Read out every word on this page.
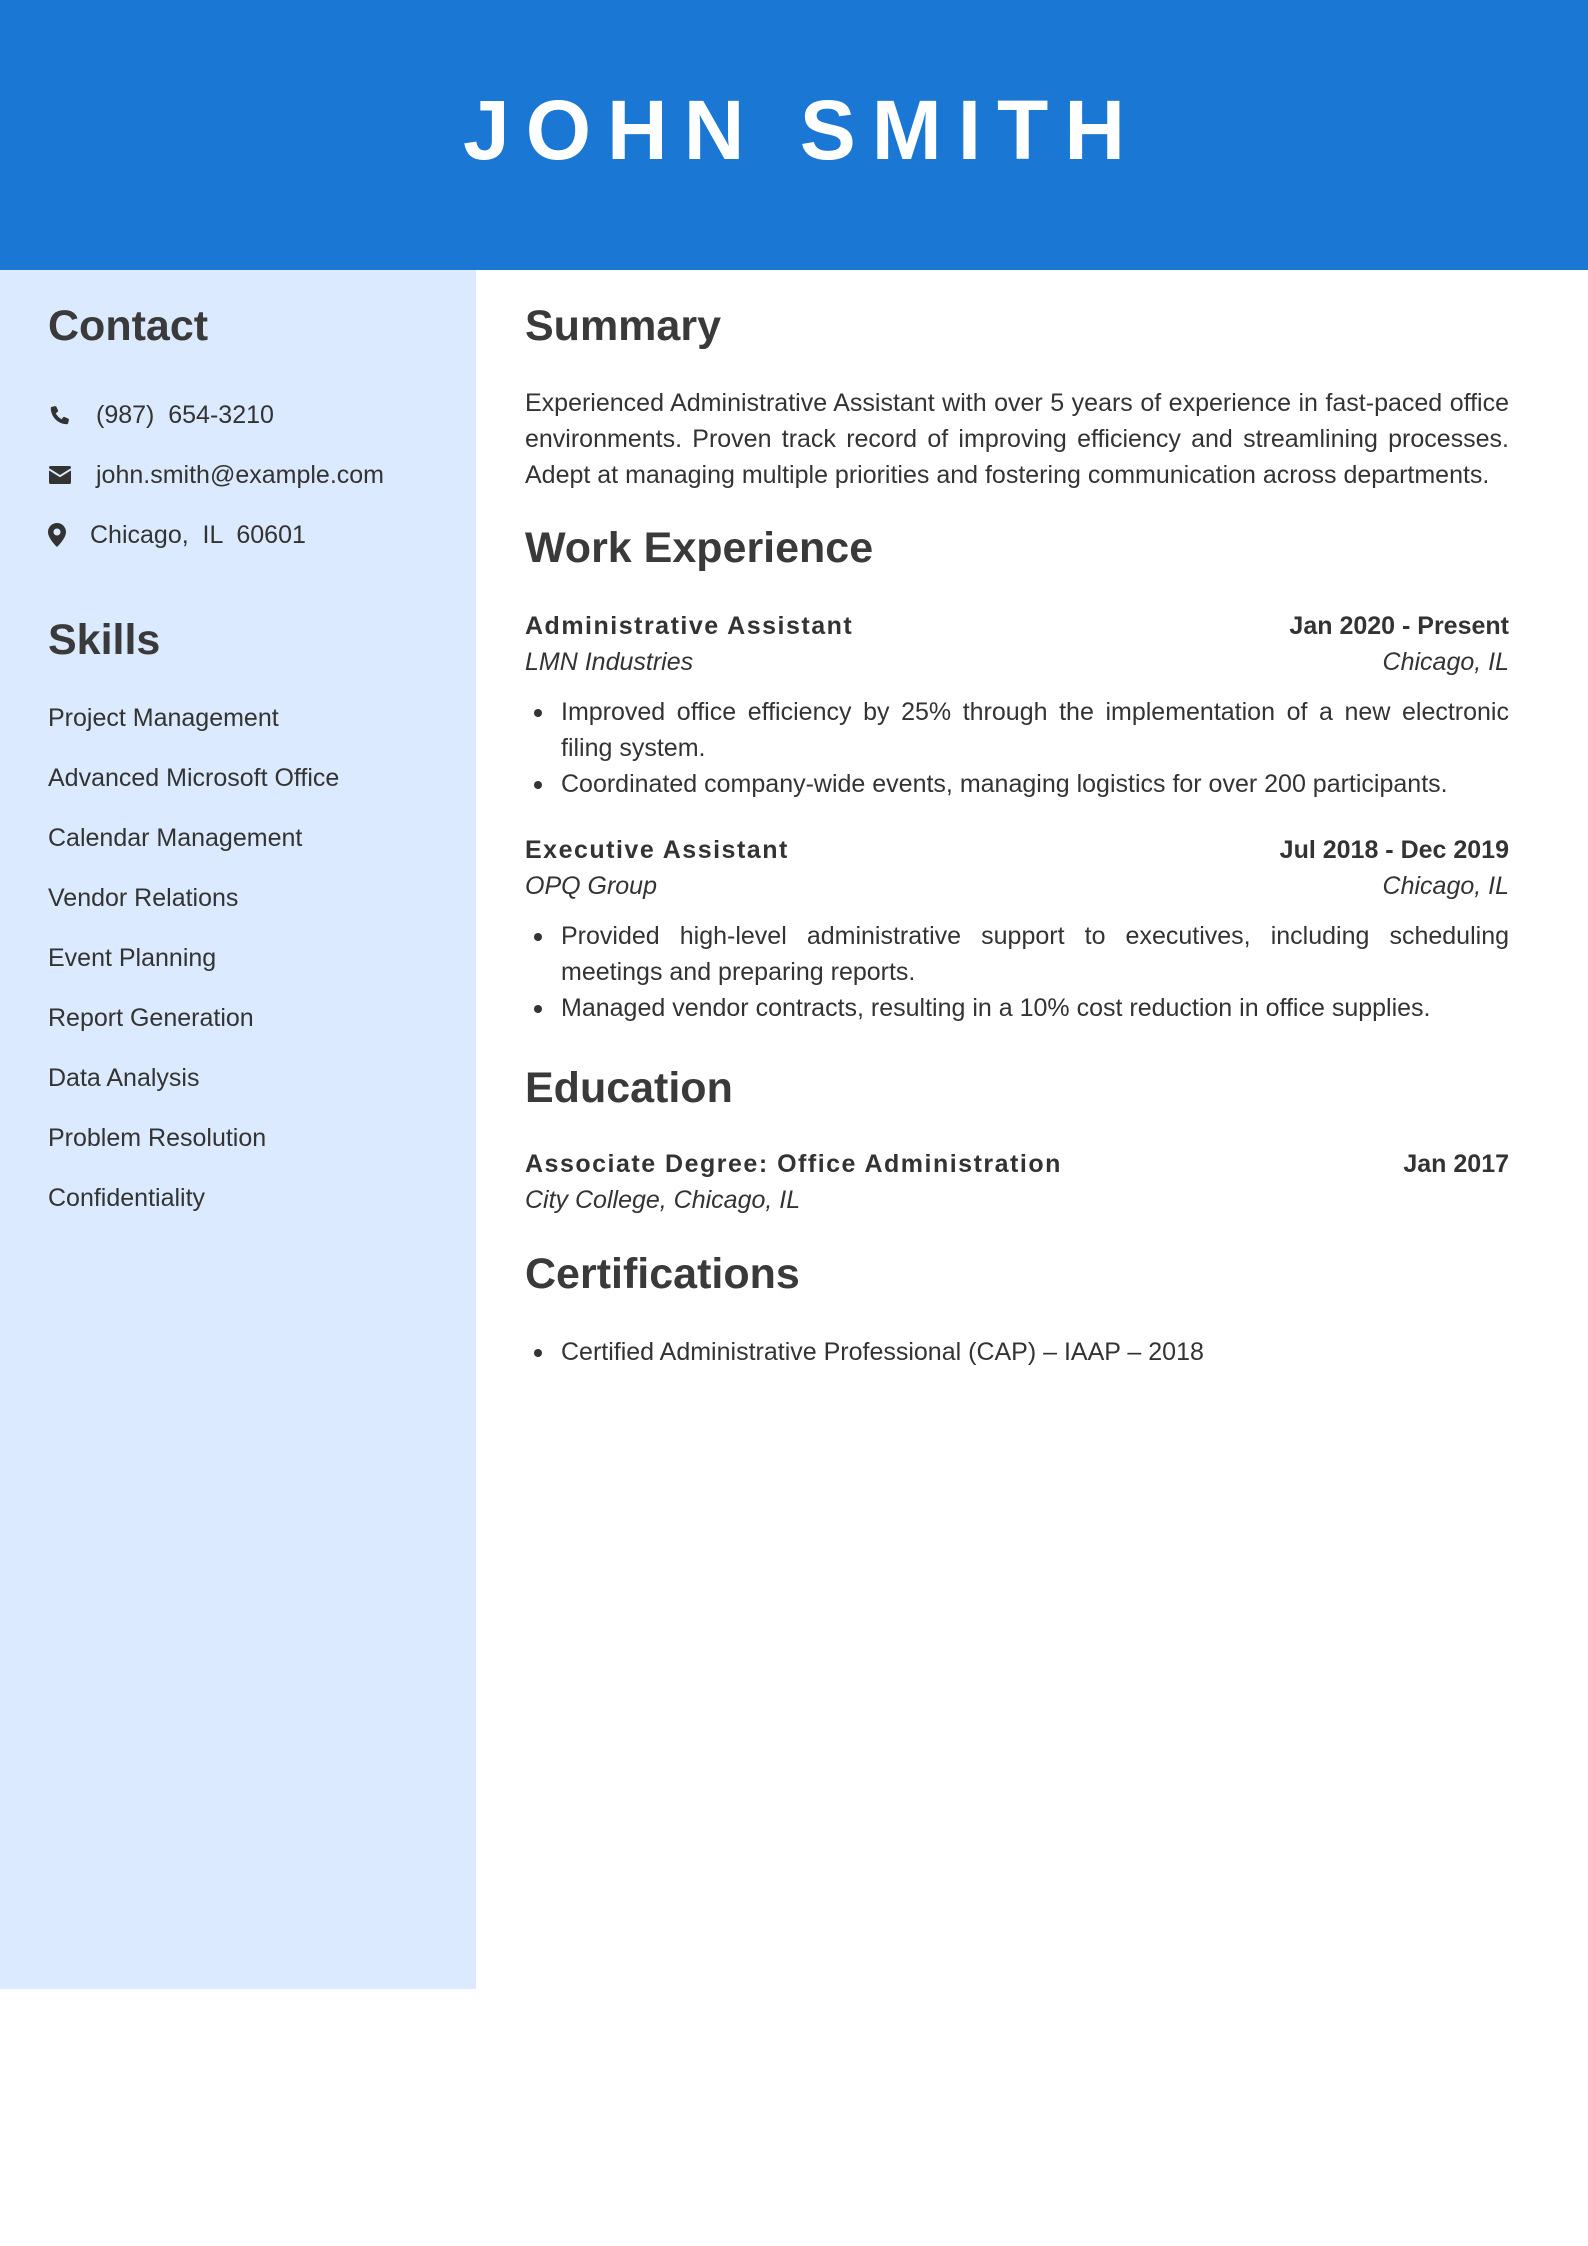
JOHN SMITH
Contact
(987)  654-3210
john.smith@example.com
Chicago,  IL  60601
Skills
Project Management
Advanced Microsoft Office
Calendar Management
Vendor Relations
Event Planning
Report Generation
Data Analysis
Problem Resolution
Confidentiality
Summary

Experienced Administrative Assistant with over 5 years of experience in fast-paced office environments. Proven track record of improving efficiency and streamlining processes. Adept at managing multiple priorities and fostering communication across departments.

Work Experience
Administrative Assistant	Jan 2020 - Present
LMN Industries	Chicago, IL
Improved office efficiency by 25% through the implementation of a new electronic filing system.
Coordinated company-wide events, managing logistics for over 200 participants.
Executive Assistant	Jul 2018 - Dec 2019
OPQ Group	Chicago, IL
Provided high-level administrative support to executives, including scheduling meetings and preparing reports.
Managed vendor contracts, resulting in a 10% cost reduction in office supplies.
Education
Associate Degree: Office Administration	Jan 2017
City College, Chicago, IL
Certifications
Certified Administrative Professional (CAP) – IAAP – 2018
